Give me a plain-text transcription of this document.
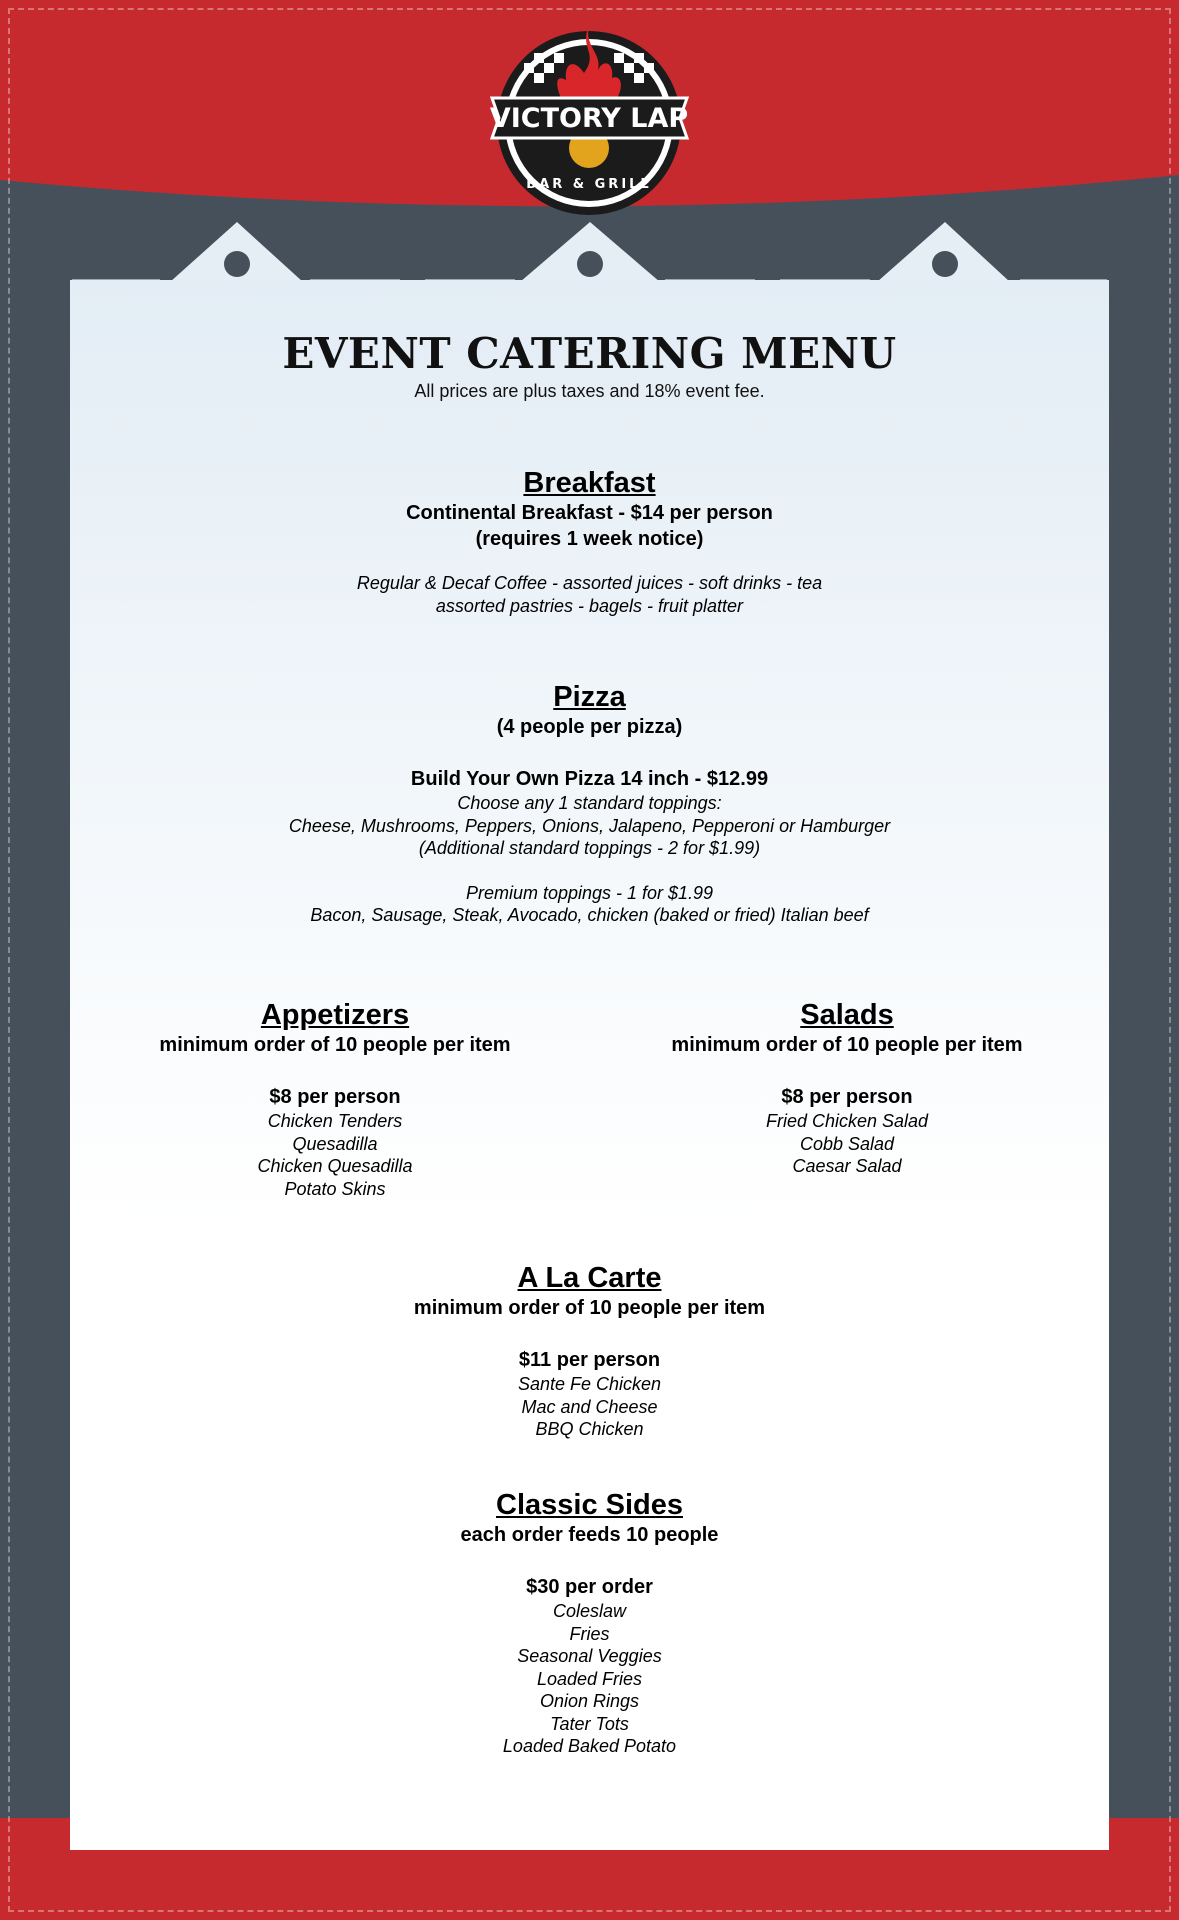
VICTORY LAP
BAR & GRILL
EVENT CATERING MENU
All prices are plus taxes and 18% event fee.
Breakfast
Continental Breakfast - $14 per person
(requires 1 week notice)
Regular & Decaf Coffee - assorted juices - soft drinks - tea
assorted pastries - bagels - fruit platter
Pizza
(4 people per pizza)
Build Your Own Pizza 14 inch - $12.99
Choose any 1 standard toppings:
Cheese, Mushrooms, Peppers, Onions, Jalapeno, Pepperoni or Hamburger
(Additional standard toppings - 2 for $1.99)
Premium toppings - 1 for $1.99
Bacon, Sausage, Steak, Avocado, chicken (baked or fried) Italian beef
Appetizers
minimum order of 10 people per item
$8 per person
Chicken Tenders
Quesadilla
Chicken Quesadilla
Potato Skins
Salads
minimum order of 10 people per item
$8 per person
Fried Chicken Salad
Cobb Salad
Caesar Salad
A La Carte
minimum order of 10 people per item
$11 per person
Sante Fe Chicken
Mac and Cheese
BBQ Chicken
Classic Sides
each order feeds 10 people
$30 per order
Coleslaw
Fries
Seasonal Veggies
Loaded Fries
Onion Rings
Tater Tots
Loaded Baked Potato
